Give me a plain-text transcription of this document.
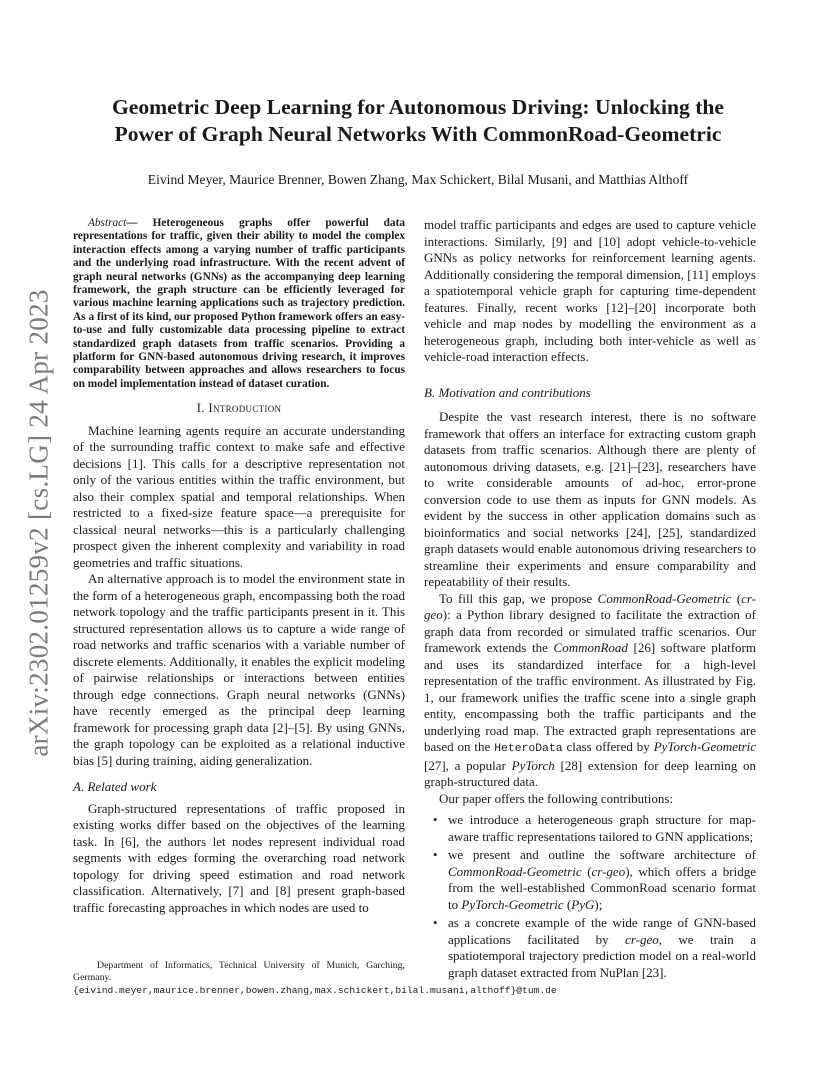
arXiv:2302.01259v2 [cs.LG] 24 Apr 2023
Geometric Deep Learning for Autonomous Driving: Unlocking the
Power of Graph Neural Networks With CommonRoad-Geometric

Eivind Meyer, Maurice Brenner, Bowen Zhang, Max Schickert, Bilal Musani, and Matthias Althoff

Abstract— Heterogeneous graphs offer powerful data representations for traffic, given their ability to model the complex interaction effects among a varying number of traffic participants and the underlying road infrastructure. With the recent advent of graph neural networks (GNNs) as the accompanying deep learning framework, the graph structure can be efficiently leveraged for various machine learning applications such as trajectory prediction. As a first of its kind, our proposed Python framework offers an easy-to-use and fully customizable data processing pipeline to extract standardized graph datasets from traffic scenarios. Providing a platform for GNN-based autonomous driving research, it improves comparability between approaches and allows researchers to focus on model implementation instead of dataset curation.

I. Introduction

Machine learning agents require an accurate understanding of the surrounding traffic context to make safe and effective decisions [1]. This calls for a descriptive representation not only of the various entities within the traffic environment, but also their complex spatial and temporal relationships. When restricted to a fixed-size feature space—a prerequisite for classical neural networks—this is a particularly challenging prospect given the inherent complexity and variability in road geometries and traffic situations.

An alternative approach is to model the environment state in the form of a heterogeneous graph, encompassing both the road network topology and the traffic participants present in it. This structured representation allows us to capture a wide range of road networks and traffic scenarios with a variable number of discrete elements. Additionally, it enables the explicit modeling of pairwise relationships or interactions between entities through edge connections. Graph neural networks (GNNs) have recently emerged as the principal deep learning framework for processing graph data [2]–[5]. By using GNNs, the graph topology can be exploited as a relational inductive bias [5] during training, aiding generalization.

A. Related work

Graph-structured representations of traffic proposed in existing works differ based on the objectives of the learning task. In [6], the authors let nodes represent individual road segments with edges forming the overarching road network topology for driving speed estimation and road network classification. Alternatively, [7] and [8] present graph-based traffic forecasting approaches in which nodes are used to

Department of Informatics, Technical University of Munich, Garching, Germany. {eivind.meyer,maurice.brenner,bowen.zhang,max.schickert,bilal.musani,althoff}@tum.de

model traffic participants and edges are used to capture vehicle interactions. Similarly, [9] and [10] adopt vehicle-to-vehicle GNNs as policy networks for reinforcement learning agents. Additionally considering the temporal dimension, [11] employs a spatiotemporal vehicle graph for capturing time-dependent features. Finally, recent works [12]–[20] incorporate both vehicle and map nodes by modelling the environment as a heterogeneous graph, including both inter-vehicle as well as vehicle-road interaction effects.

B. Motivation and contributions

Despite the vast research interest, there is no software framework that offers an interface for extracting custom graph datasets from traffic scenarios. Although there are plenty of autonomous driving datasets, e.g. [21]–[23], researchers have to write considerable amounts of ad-hoc, error-prone conversion code to use them as inputs for GNN models. As evident by the success in other application domains such as bioinformatics and social networks [24], [25], standardized graph datasets would enable autonomous driving researchers to streamline their experiments and ensure comparability and repeatability of their results.

To fill this gap, we propose CommonRoad-Geometric (cr-geo): a Python library designed to facilitate the extraction of graph data from recorded or simulated traffic scenarios. Our framework extends the CommonRoad [26] software platform and uses its standardized interface for a high-level representation of the traffic environment. As illustrated by Fig. 1, our framework unifies the traffic scene into a single graph entity, encompassing both the traffic participants and the underlying road map. The extracted graph representations are based on the HeteroData class offered by PyTorch-Geometric [27], a popular PyTorch [28] extension for deep learning on graph-structured data.

Our paper offers the following contributions:

• we introduce a heterogeneous graph structure for map-aware traffic representations tailored to GNN applications;
• we present and outline the software architecture of CommonRoad-Geometric (cr-geo), which offers a bridge from the well-established CommonRoad scenario format to PyTorch-Geometric (PyG);
• as a concrete example of the wide range of GNN-based applications facilitated by cr-geo, we train a spatiotemporal trajectory prediction model on a real-world graph dataset extracted from NuPlan [23].
